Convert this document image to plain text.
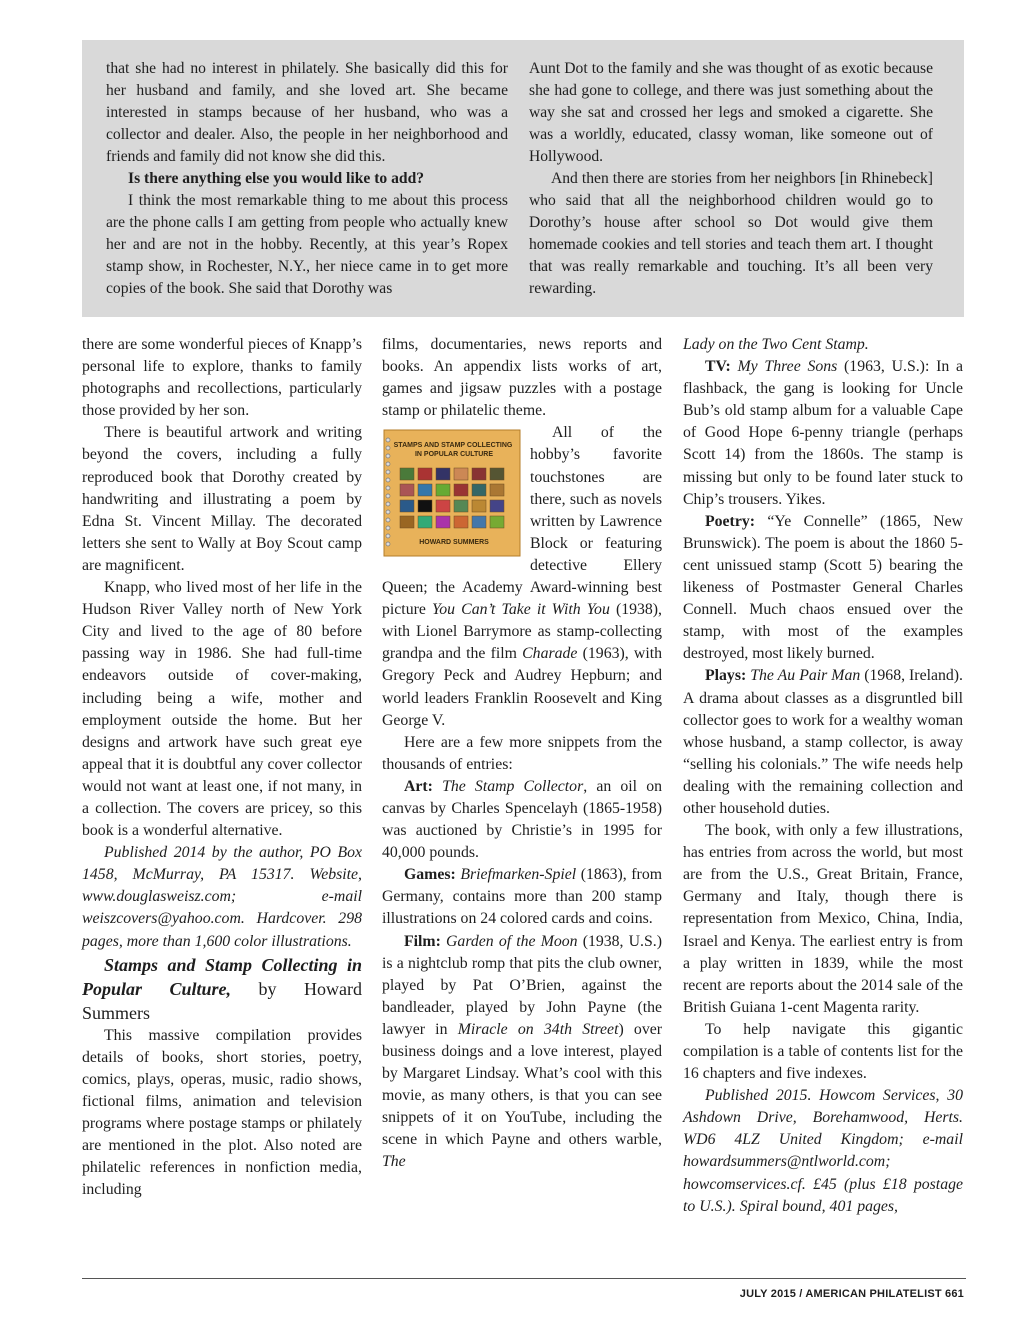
that she had no interest in philately. She basically did this for her husband and family, and she loved art. She became interested in stamps because of her husband, who was a collector and dealer. Also, the people in her neighborhood and friends and family did not know she did this.

Is there anything else you would like to add?

I think the most remarkable thing to me about this process are the phone calls I am getting from people who actually knew her and are not in the hobby. Recently, at this year’s Ropex stamp show, in Rochester, N.Y., her niece came in to get more copies of the book. She said that Dorothy was

Aunt Dot to the family and she was thought of as exotic because she had gone to college, and there was just something about the way she sat and crossed her legs and smoked a cigarette. She was a worldly, educated, classy woman, like someone out of Hollywood.

And then there are stories from her neighbors [in Rhinebeck] who said that all the neighborhood children would go to Dorothy’s house after school so Dot would give them homemade cookies and tell stories and teach them art. I thought that was really remarkable and touching. It’s all been very rewarding.

there are some wonderful pieces of Knapp’s personal life to explore, thanks to family photographs and recollections, particularly those provided by her son.

There is beautiful artwork and writing beyond the covers, including a fully reproduced book that Dorothy created by handwriting and illustrating a poem by Edna St. Vincent Millay. The decorated letters she sent to Wally at Boy Scout camp are magnificent.

Knapp, who lived most of her life in the Hudson River Valley north of New York City and lived to the age of 80 before passing way in 1986. She had full-time endeavors outside of cover-making, including being a wife, mother and employment outside the home. But her designs and artwork have such great eye appeal that it is doubtful any cover collector would not want at least one, if not many, in a collection. The covers are pricey, so this book is a wonderful alternative.

Published 2014 by the author, PO Box 1458, McMurray, PA 15317. Website, www.douglasweisz.com; e-mail weiszcovers@yahoo.com. Hardcover. 298 pages, more than 1,600 color illustrations.

Stamps and Stamp Collecting in Popular Culture, by Howard Summers

This massive compilation provides details of books, short stories, poetry, comics, plays, operas, music, radio shows, fictional films, animation and television programs where postage stamps or philately are mentioned in the plot. Also noted are philatelic references in nonfiction media, including

films, documentaries, news reports and books. An appendix lists works of art, games and jigsaw puzzles with a postage stamp or philatelic theme.

STAMPS AND STAMP COLLECTING IN POPULAR CULTURE
HOWARD SUMMERS

All of the hobby’s favorite touchstones are there, such as novels written by Lawrence Block or featuring detective Ellery Queen; the Academy Award-winning best picture You Can’t Take it With You (1938), with Lionel Barrymore as stamp-collecting grandpa and the film Charade (1963), with Gregory Peck and Audrey Hepburn; and world leaders Franklin Roosevelt and King George V.

Here are a few more snippets from the thousands of entries:

Art: The Stamp Collector, an oil on canvas by Charles Spencelayh (1865-1958) was auctioned by Christie’s in 1995 for 40,000 pounds.

Games: Briefmarken-Spiel (1863), from Germany, contains more than 200 stamp illustrations on 24 colored cards and coins.

Film: Garden of the Moon (1938, U.S.) is a nightclub romp that pits the club owner, played by Pat O’Brien, against the bandleader, played by John Payne (the lawyer in Miracle on 34th Street) over business doings and a love interest, played by Margaret Lindsay. What’s cool with this movie, as many others, is that you can see snippets of it on YouTube, including the scene in which Payne and others warble, The

Lady on the Two Cent Stamp.

TV: My Three Sons (1963, U.S.): In a flashback, the gang is looking for Uncle Bub’s old stamp album for a valuable Cape of Good Hope 6-penny triangle (perhaps Scott 14) from the 1860s. The stamp is missing but only to be found later stuck to Chip’s trousers. Yikes.

Poetry: “Ye Connelle” (1865, New Brunswick). The poem is about the 1860 5-cent unissued stamp (Scott 5) bearing the likeness of Postmaster General Charles Connell. Much chaos ensued over the stamp, with most of the examples destroyed, most likely burned.

Plays: The Au Pair Man (1968, Ireland). A drama about classes as a disgruntled bill collector goes to work for a wealthy woman whose husband, a stamp collector, is away “selling his colonials.” The wife needs help dealing with the remaining collection and other household duties.

The book, with only a few illustrations, has entries from across the world, but most are from the U.S., Great Britain, France, Germany and Italy, though there is representation from Mexico, China, India, Israel and Kenya. The earliest entry is from a play written in 1839, while the most recent are reports about the 2014 sale of the British Guiana 1-cent Magenta rarity.

To help navigate this gigantic compilation is a table of contents list for the 16 chapters and five indexes.

Published 2015. Howcom Services, 30 Ashdown Drive, Borehamwood, Herts. WD6 4LZ United Kingdom; e-mail howardsummers@ntlworld.com; howcomservices.cf. £45 (plus £18 postage to U.S.). Spiral bound, 401 pages,

JULY 2015 / AMERICAN PHILATELIST 661
